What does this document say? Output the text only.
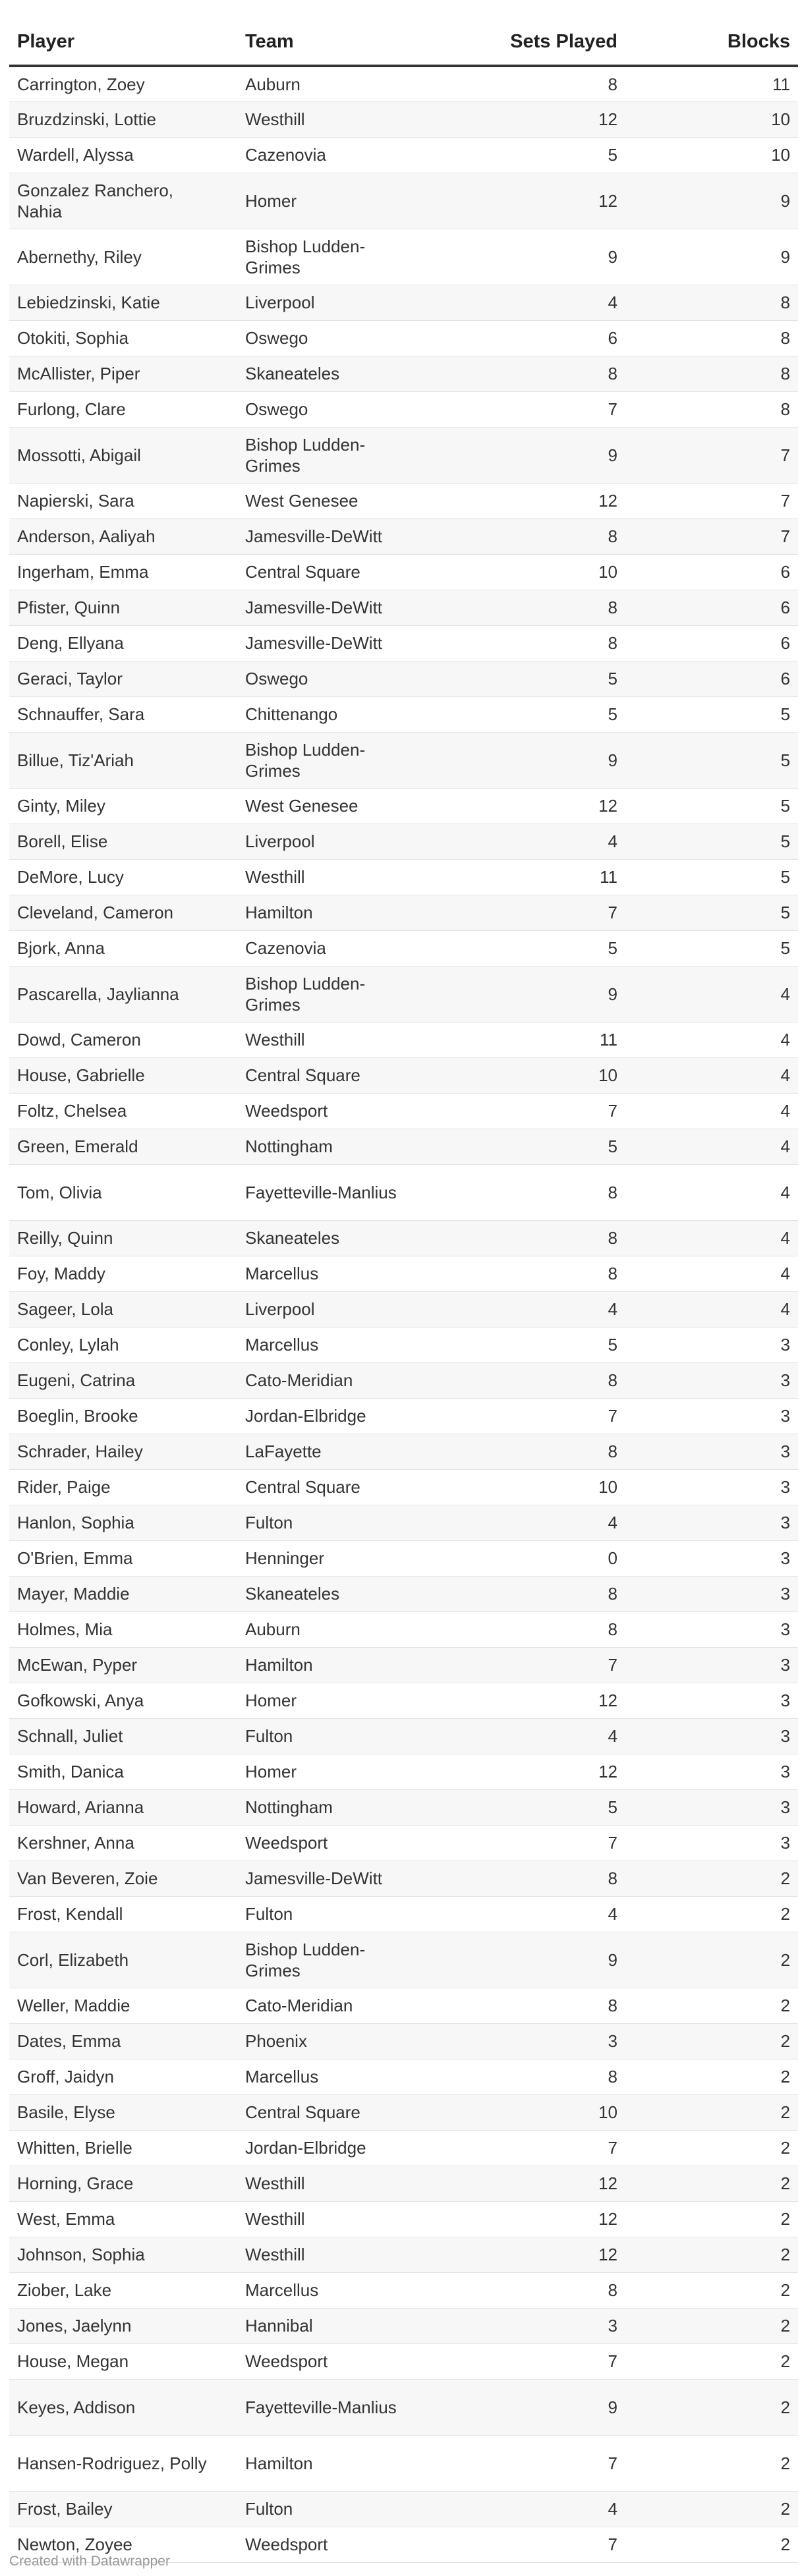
Player	Team	Sets Played	Blocks
Carrington, Zoey	Auburn	8	11
Bruzdzinski, Lottie	Westhill	12	10
Wardell, Alyssa	Cazenovia	5	10
Gonzalez Ranchero, Nahia	Homer	12	9
Abernethy, Riley	Bishop Ludden-Grimes	9	9
Lebiedzinski, Katie	Liverpool	4	8
Otokiti, Sophia	Oswego	6	8
McAllister, Piper	Skaneateles	8	8
Furlong, Clare	Oswego	7	8
Mossotti, Abigail	Bishop Ludden-Grimes	9	7
Napierski, Sara	West Genesee	12	7
Anderson, Aaliyah	Jamesville-DeWitt	8	7
Ingerham, Emma	Central Square	10	6
Pfister, Quinn	Jamesville-DeWitt	8	6
Deng, Ellyana	Jamesville-DeWitt	8	6
Geraci, Taylor	Oswego	5	6
Schnauffer, Sara	Chittenango	5	5
Billue, Tiz'Ariah	Bishop Ludden-Grimes	9	5
Ginty, Miley	West Genesee	12	5
Borell, Elise	Liverpool	4	5
DeMore, Lucy	Westhill	11	5
Cleveland, Cameron	Hamilton	7	5
Bjork, Anna	Cazenovia	5	5
Pascarella, Jaylianna	Bishop Ludden-Grimes	9	4
Dowd, Cameron	Westhill	11	4
House, Gabrielle	Central Square	10	4
Foltz, Chelsea	Weedsport	7	4
Green, Emerald	Nottingham	5	4
Tom, Olivia	Fayetteville-Manlius	8	4
Reilly, Quinn	Skaneateles	8	4
Foy, Maddy	Marcellus	8	4
Sageer, Lola	Liverpool	4	4
Conley, Lylah	Marcellus	5	3
Eugeni, Catrina	Cato-Meridian	8	3
Boeglin, Brooke	Jordan-Elbridge	7	3
Schrader, Hailey	LaFayette	8	3
Rider, Paige	Central Square	10	3
Hanlon, Sophia	Fulton	4	3
O'Brien, Emma	Henninger	0	3
Mayer, Maddie	Skaneateles	8	3
Holmes, Mia	Auburn	8	3
McEwan, Pyper	Hamilton	7	3
Gofkowski, Anya	Homer	12	3
Schnall, Juliet	Fulton	4	3
Smith, Danica	Homer	12	3
Howard, Arianna	Nottingham	5	3
Kershner, Anna	Weedsport	7	3
Van Beveren, Zoie	Jamesville-DeWitt	8	2
Frost, Kendall	Fulton	4	2
Corl, Elizabeth	Bishop Ludden-Grimes	9	2
Weller, Maddie	Cato-Meridian	8	2
Dates, Emma	Phoenix	3	2
Groff, Jaidyn	Marcellus	8	2
Basile, Elyse	Central Square	10	2
Whitten, Brielle	Jordan-Elbridge	7	2
Horning, Grace	Westhill	12	2
West, Emma	Westhill	12	2
Johnson, Sophia	Westhill	12	2
Ziober, Lake	Marcellus	8	2
Jones, Jaelynn	Hannibal	3	2
House, Megan	Weedsport	7	2
Keyes, Addison	Fayetteville-Manlius	9	2
Hansen-Rodriguez, Polly	Hamilton	7	2
Frost, Bailey	Fulton	4	2
Newton, Zoyee	Weedsport	7	2
Created with Datawrapper
